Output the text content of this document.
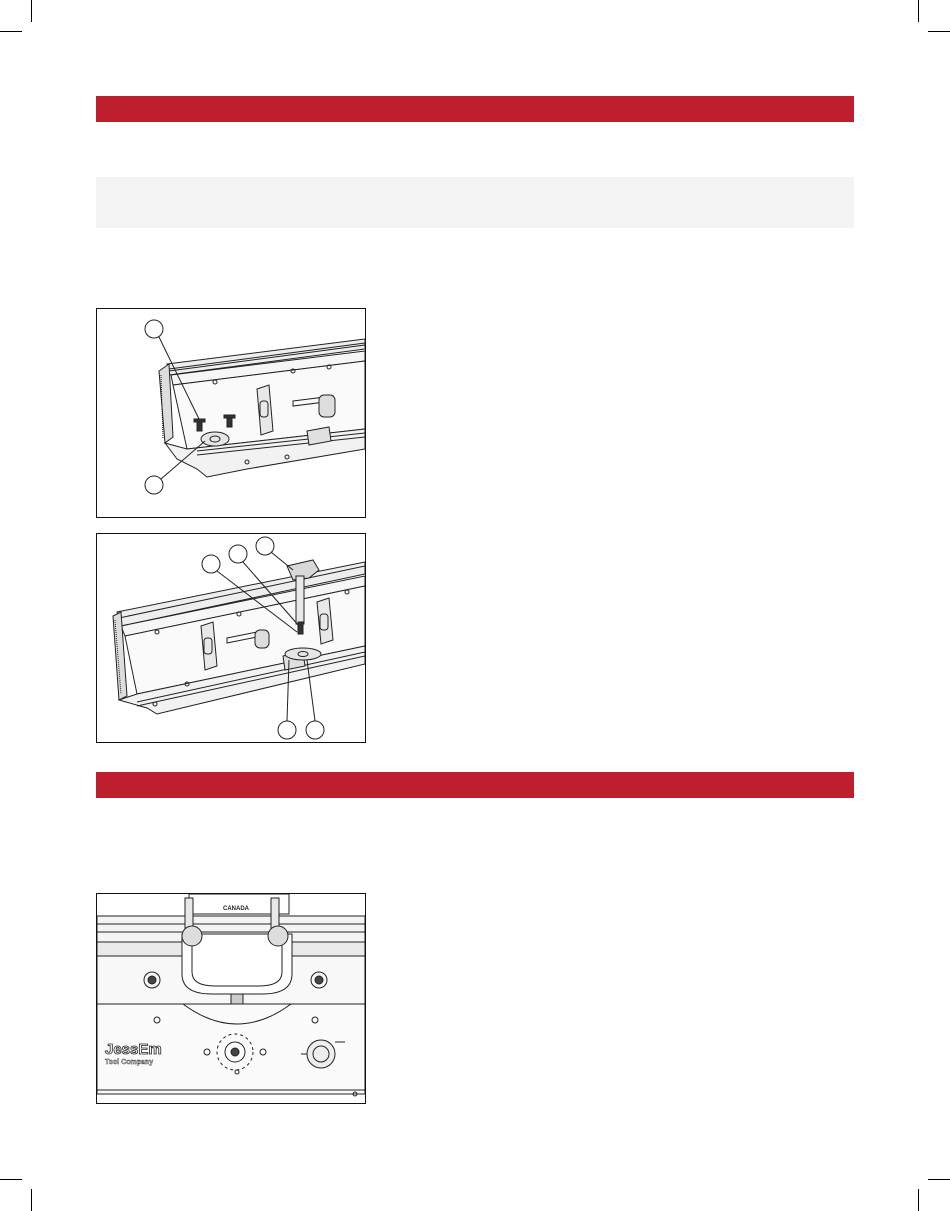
CANADA
JessEm
Tool Company
